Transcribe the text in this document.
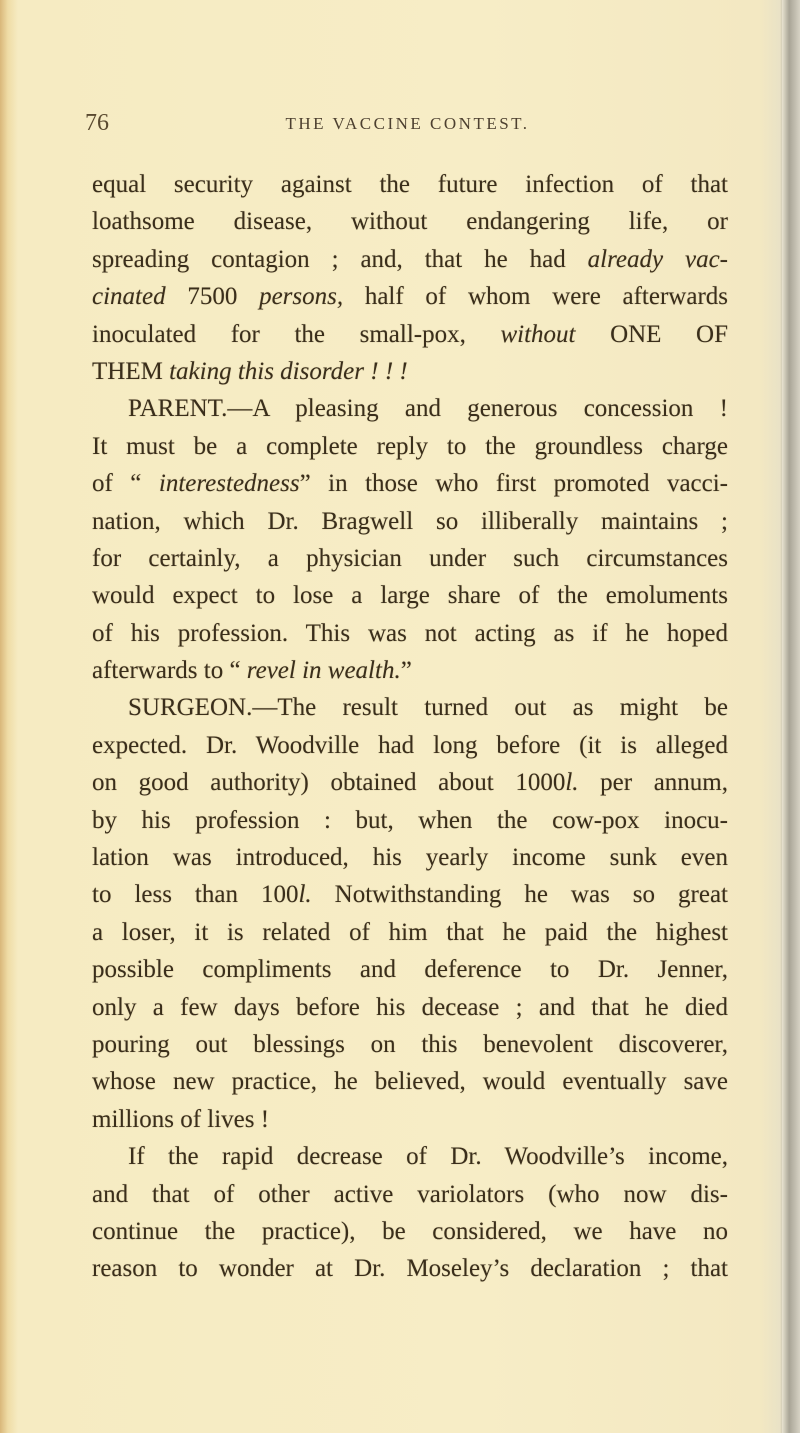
76	THE VACCINE CONTEST.
equal security against the future infection of that
loathsome disease, without endangering life, or
spreading contagion ; and, that he had already vac-
cinated 7500 persons, half of whom were afterwards
inoculated for the small-pox, without ONE OF
THEM taking this disorder ! ! !
PARENT.—A pleasing and generous concession !
It must be a complete reply to the groundless charge
of “ interestedness” in those who first promoted vacci-
nation, which Dr. Bragwell so illiberally maintains ;
for certainly, a physician under such circumstances
would expect to lose a large share of the emoluments
of his profession. This was not acting as if he hoped
afterwards to “ revel in wealth.”
SURGEON.—The result turned out as might be
expected. Dr. Woodville had long before (it is alleged
on good authority) obtained about 1000l. per annum,
by his profession : but, when the cow-pox inocu-
lation was introduced, his yearly income sunk even
to less than 100l. Notwithstanding he was so great
a loser, it is related of him that he paid the highest
possible compliments and deference to Dr. Jenner,
only a few days before his decease ; and that he died
pouring out blessings on this benevolent discoverer,
whose new practice, he believed, would eventually save
millions of lives !
If the rapid decrease of Dr. Woodville’s income,
and that of other active variolators (who now dis-
continue the practice), be considered, we have no
reason to wonder at Dr. Moseley’s declaration ; that
